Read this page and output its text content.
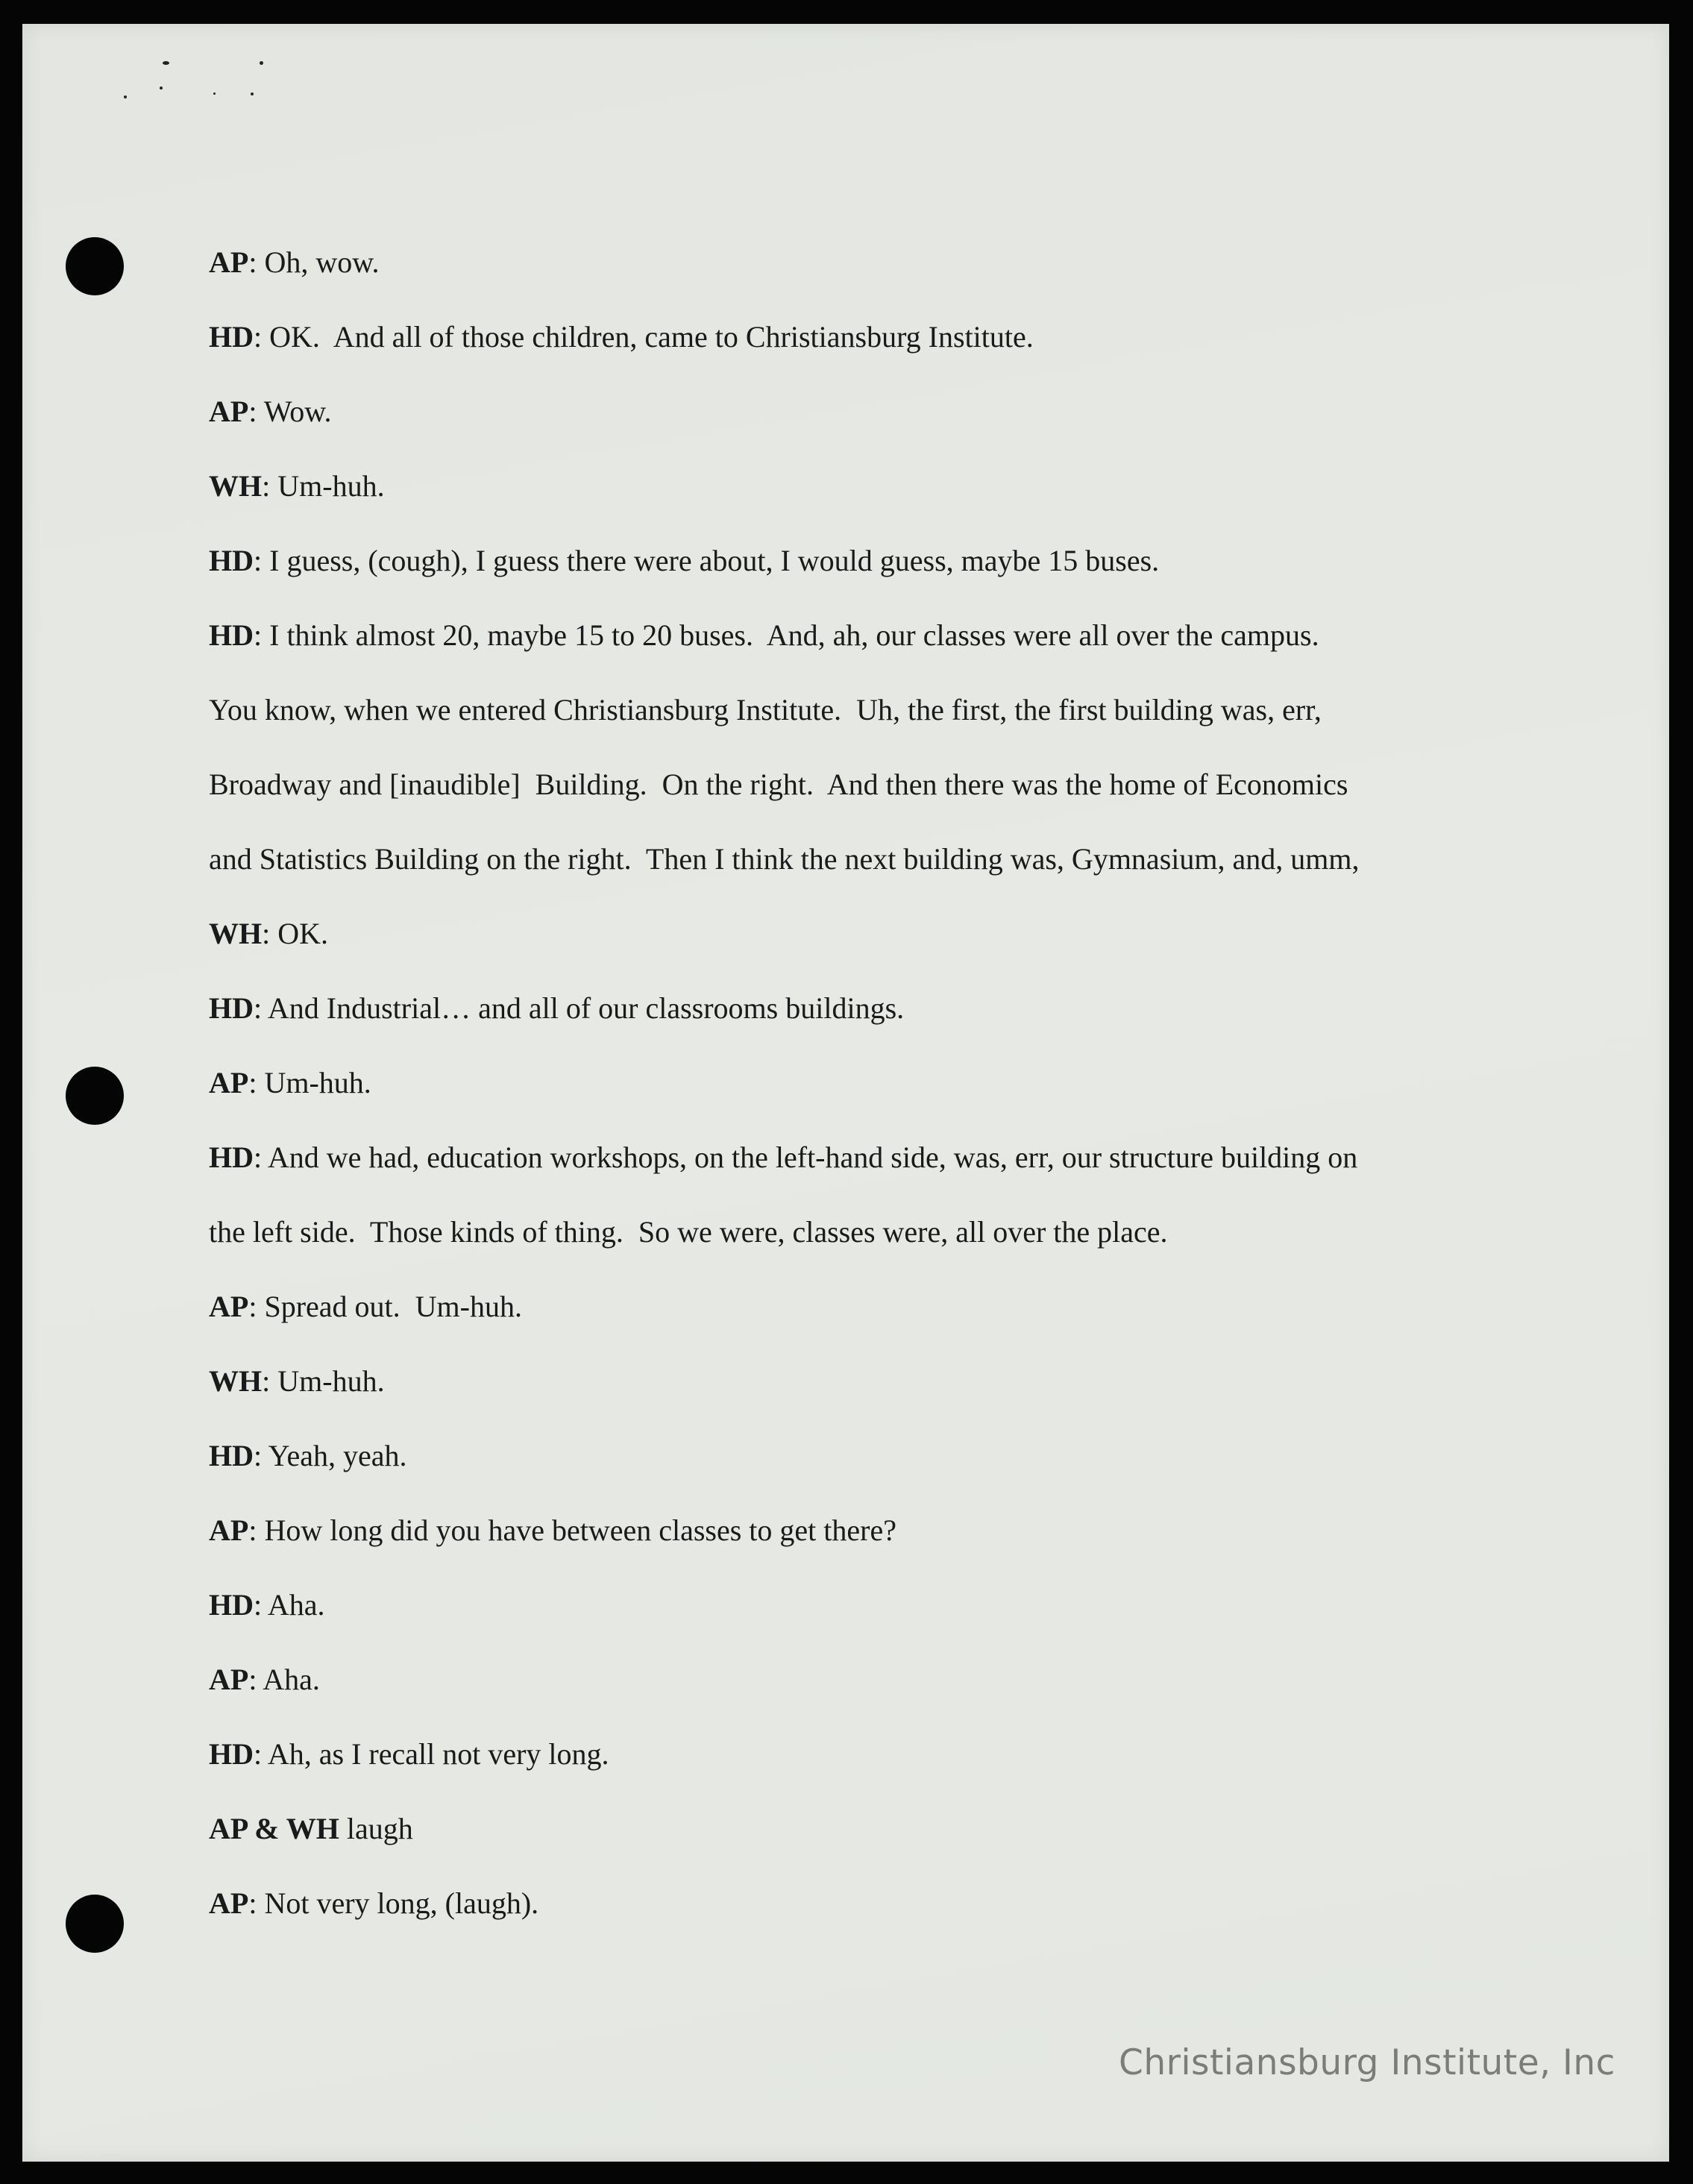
AP: Oh, wow.
HD: OK.  And all of those children, came to Christiansburg Institute.
AP: Wow.
WH: Um-huh.
HD: I guess, (cough), I guess there were about, I would guess, maybe 15 buses.
HD: I think almost 20, maybe 15 to 20 buses.  And, ah, our classes were all over the campus.
You know, when we entered Christiansburg Institute.  Uh, the first, the first building was, err,
Broadway and [inaudible]  Building.  On the right.  And then there was the home of Economics
and Statistics Building on the right.  Then I think the next building was, Gymnasium, and, umm,
WH: OK.
HD: And Industrial… and all of our classrooms buildings.
AP: Um-huh.
HD: And we had, education workshops, on the left-hand side, was, err, our structure building on
the left side.  Those kinds of thing.  So we were, classes were, all over the place.
AP: Spread out.  Um-huh.
WH: Um-huh.
HD: Yeah, yeah.
AP: How long did you have between classes to get there?
HD: Aha.
AP: Aha.
HD: Ah, as I recall not very long.
AP & WH laugh
AP: Not very long, (laugh).
Christiansburg Institute, Inc
